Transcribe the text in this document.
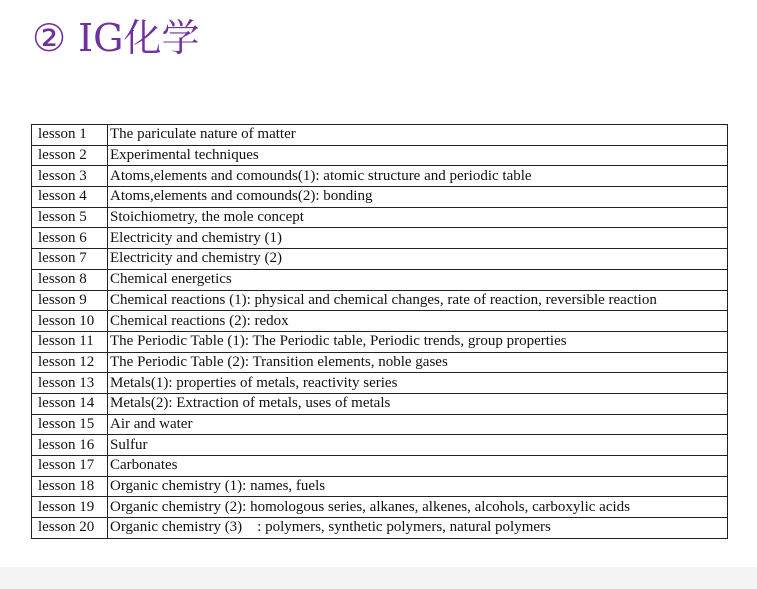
② IG化学
lesson 1	The pariculate nature of matter
lesson 2	Experimental techniques
lesson 3	Atoms,elements and comounds(1): atomic structure and periodic table
lesson 4	Atoms,elements and comounds(2): bonding
lesson 5	Stoichiometry, the mole concept
lesson 6	Electricity and chemistry (1)
lesson 7	Electricity and chemistry (2)
lesson 8	Chemical energetics
lesson 9	Chemical reactions (1): physical and chemical changes, rate of reaction, reversible reaction
lesson 10	Chemical reactions (2): redox
lesson 11	The Periodic Table (1): The Periodic table, Periodic trends, group properties
lesson 12	The Periodic Table (2): Transition elements, noble gases
lesson 13	Metals(1): properties of metals, reactivity series
lesson 14	Metals(2): Extraction of metals, uses of metals
lesson 15	Air and water
lesson 16	Sulfur
lesson 17	Carbonates
lesson 18	Organic chemistry (1): names, fuels
lesson 19	Organic chemistry (2): homologous series, alkanes, alkenes, alcohols, carboxylic acids
lesson 20	Organic chemistry (3)　: polymers, synthetic polymers, natural polymers
